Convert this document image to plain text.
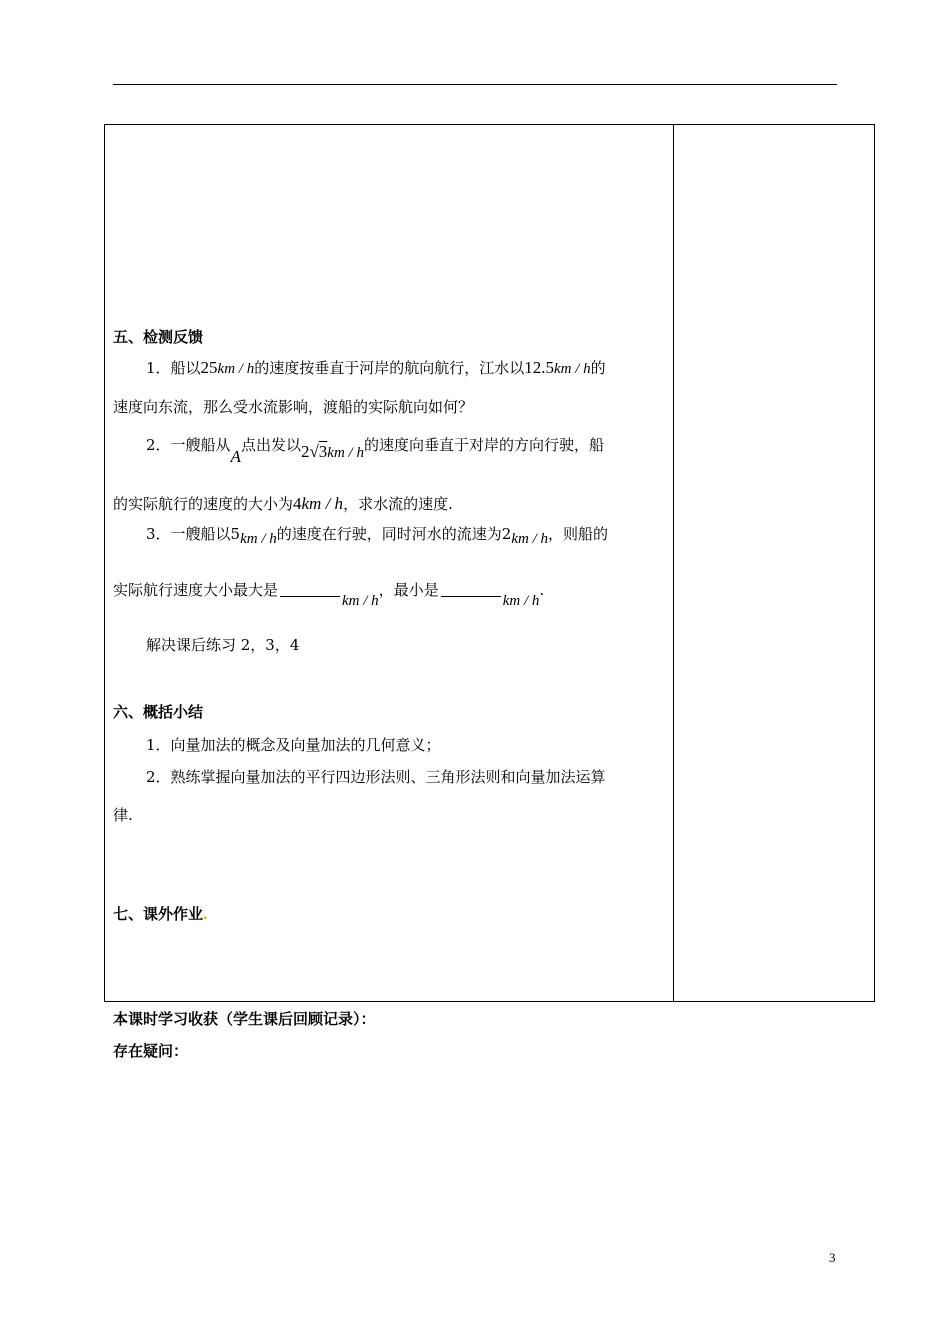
五、检测反馈
1．船以25km / h的速度按垂直于河岸的航向航行，江水以12.5km / h的
速度向东流，那么受水流影响，渡船的实际航向如何？
2．一艘船从A点出发以2√3km / h的速度向垂直于对岸的方向行驶，船
的实际航行的速度的大小为4km / h，求水流的速度.
3．一艘船以5km / h的速度在行驶，同时河水的流速为2km / h，则船的
实际航行速度大小最大是km / h，最小是km / h.
解决课后练习 2，3，4
六、概括小结
1．向量加法的概念及向量加法的几何意义；
2．熟练掌握向量加法的平行四边形法则、三角形法则和向量加法运算
律.
七、课外作业.
本课时学习收获（学生课后回顾记录）：
存在疑问：
3
